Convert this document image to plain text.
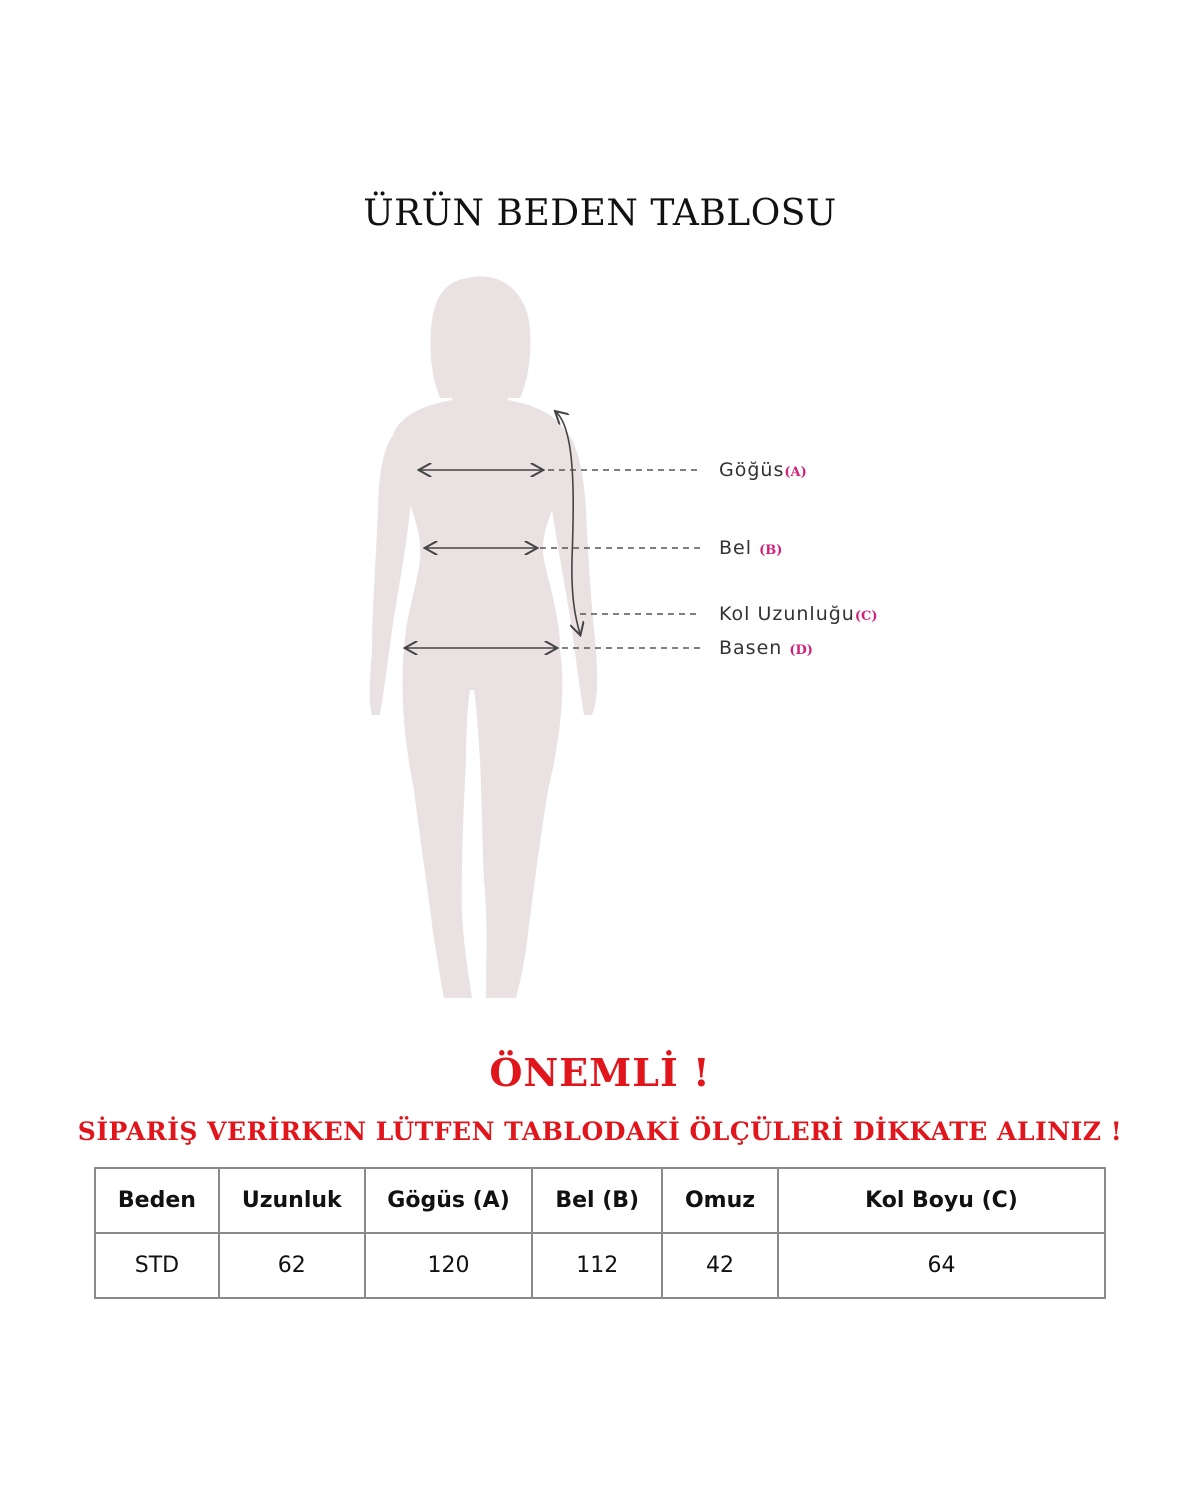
ÜRÜN BEDEN TABLOSU
Göğüs(A)
Bel (B)
Kol Uzunluğu(C)
Basen (D)
ÖNEMLİ !
SİPARİŞ VERİRKEN LÜTFEN TABLODAKİ ÖLÇÜLERİ DİKKATE ALINIZ !
Beden	Uzunluk	Gögüs (A)	Bel (B)	Omuz	Kol Boyu (C)
STD	62	120	112	42	64
